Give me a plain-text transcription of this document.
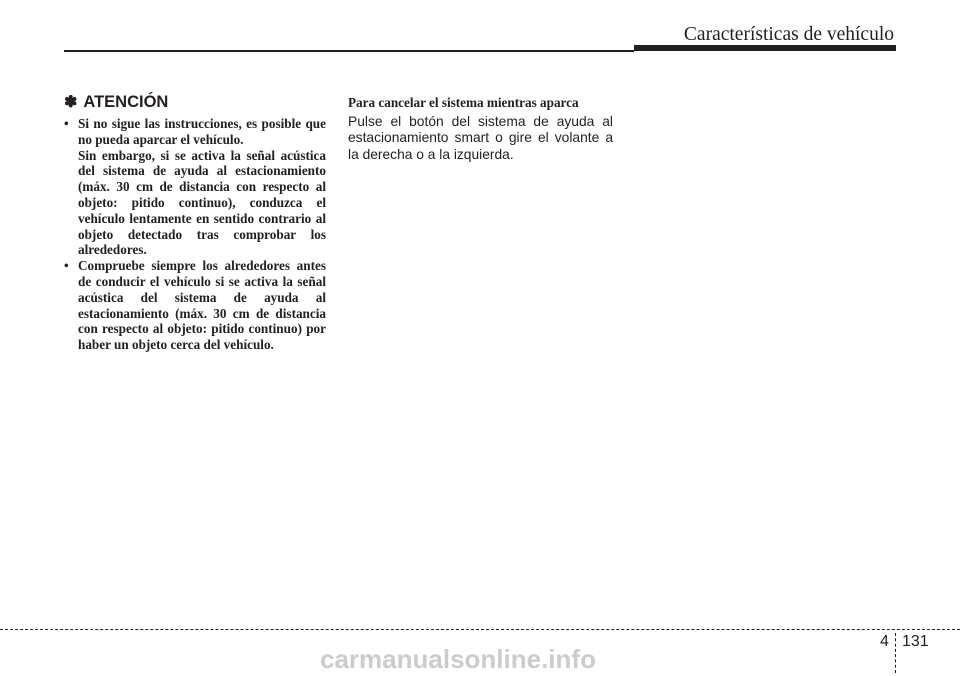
Características de vehículo
✽ ATENCIÓN
• Si no sigue las instrucciones, es posible que no pueda aparcar el vehículo.

Sin embargo, si se activa la señal acústica del sistema de ayuda al estacionamiento (máx. 30 cm de distancia con respecto al objeto: pitido continuo), conduzca el vehículo lentamente en sentido contrario al objeto detectado tras comprobar los alrededores.

• Compruebe siempre los alrededores antes de conducir el vehículo si se activa la señal acústica del sistema de ayuda al estacionamiento (máx. 30 cm de distancia con respecto al objeto: pitido continuo) por haber un objeto cerca del vehículo.

Para cancelar el sistema mientras aparca

Pulse el botón del sistema de ayuda al estacionamiento smart o gire el volante a la derecha o a la izquierda.

4 131
carmanualsonline.info
